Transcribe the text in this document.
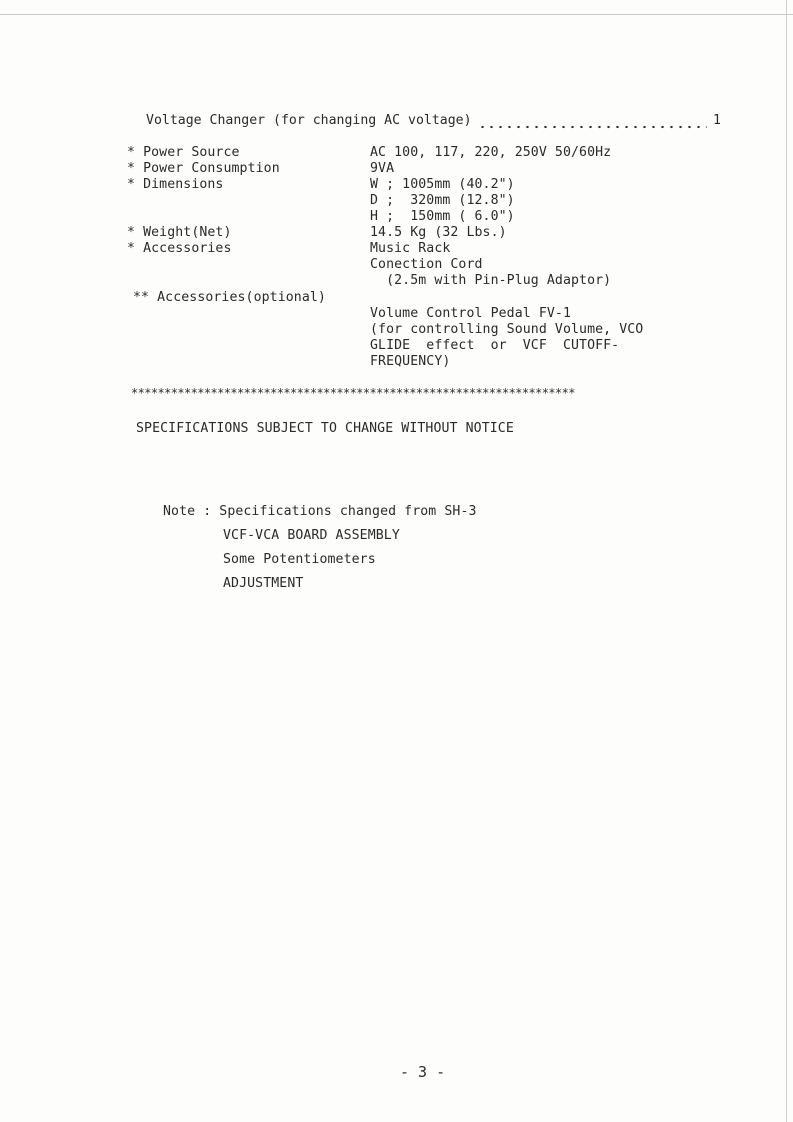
Voltage Changer (for changing AC voltage)	1
* Power Source
* Power Consumption
* Dimensions
* Weight(Net)
* Accessories
** Accessories(optional)
AC 100, 117, 220, 250V 50/60Hz
9VA
W ; 1005mm (40.2")
D ;  320mm (12.8")
H ;  150mm ( 6.0")
14.5 Kg (32 Lbs.)
Music Rack
Conection Cord
(2.5m with Pin-Plug Adaptor)
Volume Control Pedal FV-1
(for controlling Sound Volume, VCO
GLIDE  effect  or  VCF  CUTOFF-
FREQUENCY)
*******************************************************************
SPECIFICATIONS SUBJECT TO CHANGE WITHOUT NOTICE
Note : Specifications changed from SH-3
VCF-VCA BOARD ASSEMBLY
Some Potentiometers
ADJUSTMENT
- 3 -
